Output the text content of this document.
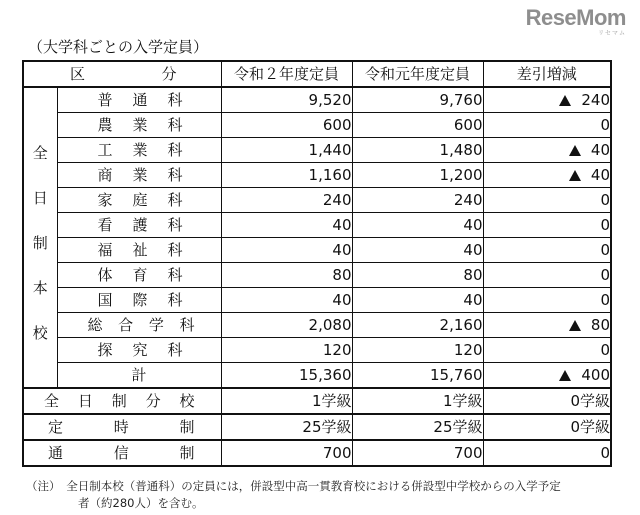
ReseMom
リセマム
（大学科ごとの入学定員）
区 分		令和２年度定員	令和元年度定員	差引増減

全
日
制
本
校	普 通 科	9,520	9,760	240

	農 業 科	600	600	0

	工 業 科	1,440	1,480	40

	商 業 科	1,160	1,200	40

	家 庭 科	240	240	0

	看 護 科	40	40	0

	福 祉 科	40	40	0

	体 育 科	80	80	0

	国 際 科	40	40	0

	総 合 学 科	2,080	2,160	80

	探 究 科	120	120	0
	計	15,360	15,760	400

全 日 制 分 校		1学級	1学級	0学級

定 時 制		25学級	25学級	0学級

通 信 制		700	700	0
（注）　全日制本校（普通科）の定員には，併設型中高一貫教育校における併設型中学校からの入学予定
者（約280人）を含む。
